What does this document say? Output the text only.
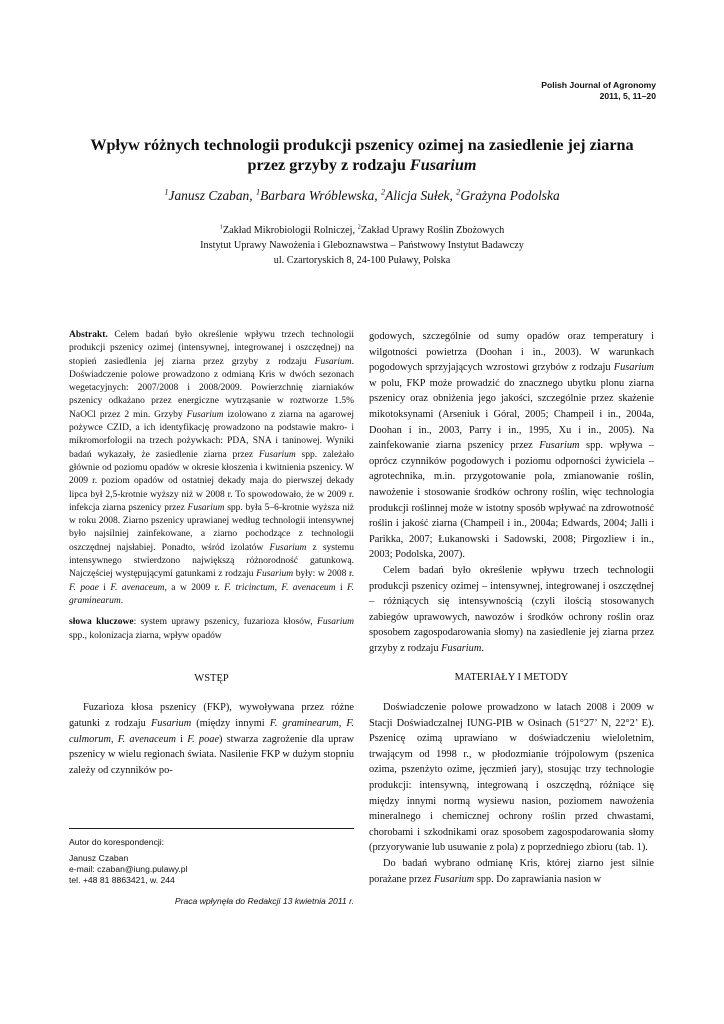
Polish Journal of Agronomy
2011, 5, 11–20
Wpływ różnych technologii produkcji pszenicy ozimej na zasiedlenie jej ziarna
przez grzyby z rodzaju Fusarium
$^1$Janusz Czaban, $^1$Barbara Wróblewska, $^2$Alicja Sułek, $^2$Grażyna Podolska
$^1$Zakład Mikrobiologii Rolniczej, $^2$Zakład Uprawy Roślin Zbożowych
Instytut Uprawy Nawożenia i Gleboznawstwa – Państwowy Instytut Badawczy
ul. Czartoryskich 8, 24-100 Puławy, Polska

Abstrakt. Celem badań było określenie wpływu trzech technologii produkcji pszenicy ozimej (intensywnej, integrowanej i oszczędnej) na stopień zasiedlenia jej ziarna przez grzyby z rodzaju Fusarium. Doświadczenie polowe prowadzono z odmianą Kris w dwóch sezonach wegetacyjnych: 2007/2008 i 2008/2009. Powierzchnię ziarniaków pszenicy odkażano przez energiczne wytrząsanie w roztworze 1.5% NaOCl przez 2 min. Grzyby Fusarium izolowano z ziarna na agarowej pożywce CZID, a ich identyfikację prowadzono na podstawie makro- i mikromorfologii na trzech pożywkach: PDA, SNA i taninowej. Wyniki badań wykazały, że zasiedlenie ziarna przez Fusarium spp. zależało głównie od poziomu opadów w okresie kłoszenia i kwitnienia pszenicy. W 2009 r. poziom opadów od ostatniej dekady maja do pierwszej dekady lipca był 2,5-krotnie wyższy niż w 2008 r. To spowodowało, że w 2009 r. infekcja ziarna pszenicy przez Fusarium spp. była 5–6-krotnie wyższa niż w roku 2008. Ziarno pszenicy uprawianej według technologii intensywnej było najsilniej zainfekowane, a ziarno pochodzące z technologii oszczędnej najsłabiej. Ponadto, wśród izolatów Fusarium z systemu intensywnego stwierdzono największą różnorodność gatunkową. Najczęściej występującymi gatunkami z rodzaju Fusarium były: w 2008 r. F. poae i F. avenaceum, a w 2009 r. F. tricinctum, F. avenaceum i F. graminearum.

słowa kluczowe: system uprawy pszenicy, fuzarioza kłosów, Fusarium spp., kolonizacja ziarna, wpływ opadów

WSTĘP

Fuzarioza kłosa pszenicy (FKP), wywoływana przez różne gatunki z rodzaju Fusarium (między innymi F. graminearum, F. culmorum, F. avenaceum i F. poae) stwarza zagrożenie dla upraw pszenicy w wielu regionach świata. Nasilenie FKP w dużym stopniu zależy od czynników po-

Autor do korespondencji:
Janusz Czaban
e-mail: czaban@iung.pulawy.pl
tel. +48 81 8863421, w. 244
Praca wpłynęła do Redakcji 13 kwietnia 2011 r.

godowych, szczególnie od sumy opadów oraz temperatury i wilgotności powietrza (Doohan i in., 2003). W warunkach pogodowych sprzyjających wzrostowi grzybów z rodzaju Fusarium w polu, FKP może prowadzić do znacznego ubytku plonu ziarna pszenicy oraz obniżenia jego jakości, szczególnie przez skażenie mikotoksynami (Arseniuk i Góral, 2005; Champeil i in., 2004a, Doohan i in., 2003, Parry i in., 1995, Xu i in., 2005). Na zainfekowanie ziarna pszenicy przez Fusarium spp. wpływa – oprócz czynników pogodowych i poziomu odporności żywiciela – agrotechnika, m.in. przygotowanie pola, zmianowanie roślin, nawożenie i stosowanie środków ochrony roślin, więc technologia produkcji roślinnej może w istotny sposób wpływać na zdrowotność roślin i jakość ziarna (Champeil i in., 2004a; Edwards, 2004; Jalli i Parikka, 2007; Łukanowski i Sadowski, 2008; Pirgozliew i in., 2003; Podolska, 2007).

Celem badań było określenie wpływu trzech technologii produkcji pszenicy ozimej – intensywnej, integrowanej i oszczędnej – różniących się intensywnością (czyli ilością stosowanych zabiegów uprawowych, nawozów i środków ochrony roślin oraz sposobem zagospodarowania słomy) na zasiedlenie jej ziarna przez grzyby z rodzaju Fusarium.

MATERIAŁY I METODY

Doświadczenie polowe prowadzono w latach 2008 i 2009 w Stacji Doświadczalnej IUNG-PIB w Osinach (51°27’ N, 22°2’ E). Pszenicę ozimą uprawiano w doświadczeniu wieloletnim, trwającym od 1998 r., w płodozmianie trójpolowym (pszenica ozima, pszenżyto ozime, jęczmień jary), stosując trzy technologie produkcji: intensywną, integrowaną i oszczędną, różniące się między innymi normą wysiewu nasion, poziomem nawożenia mineralnego i chemicznej ochrony roślin przed chwastami, chorobami i szkodnikami oraz sposobem zagospodarowania słomy (przyorywanie lub usuwanie z pola) z poprzedniego zbioru (tab. 1).

Do badań wybrano odmianę Kris, której ziarno jest silnie porażane przez Fusarium spp. Do zaprawiania nasion w
